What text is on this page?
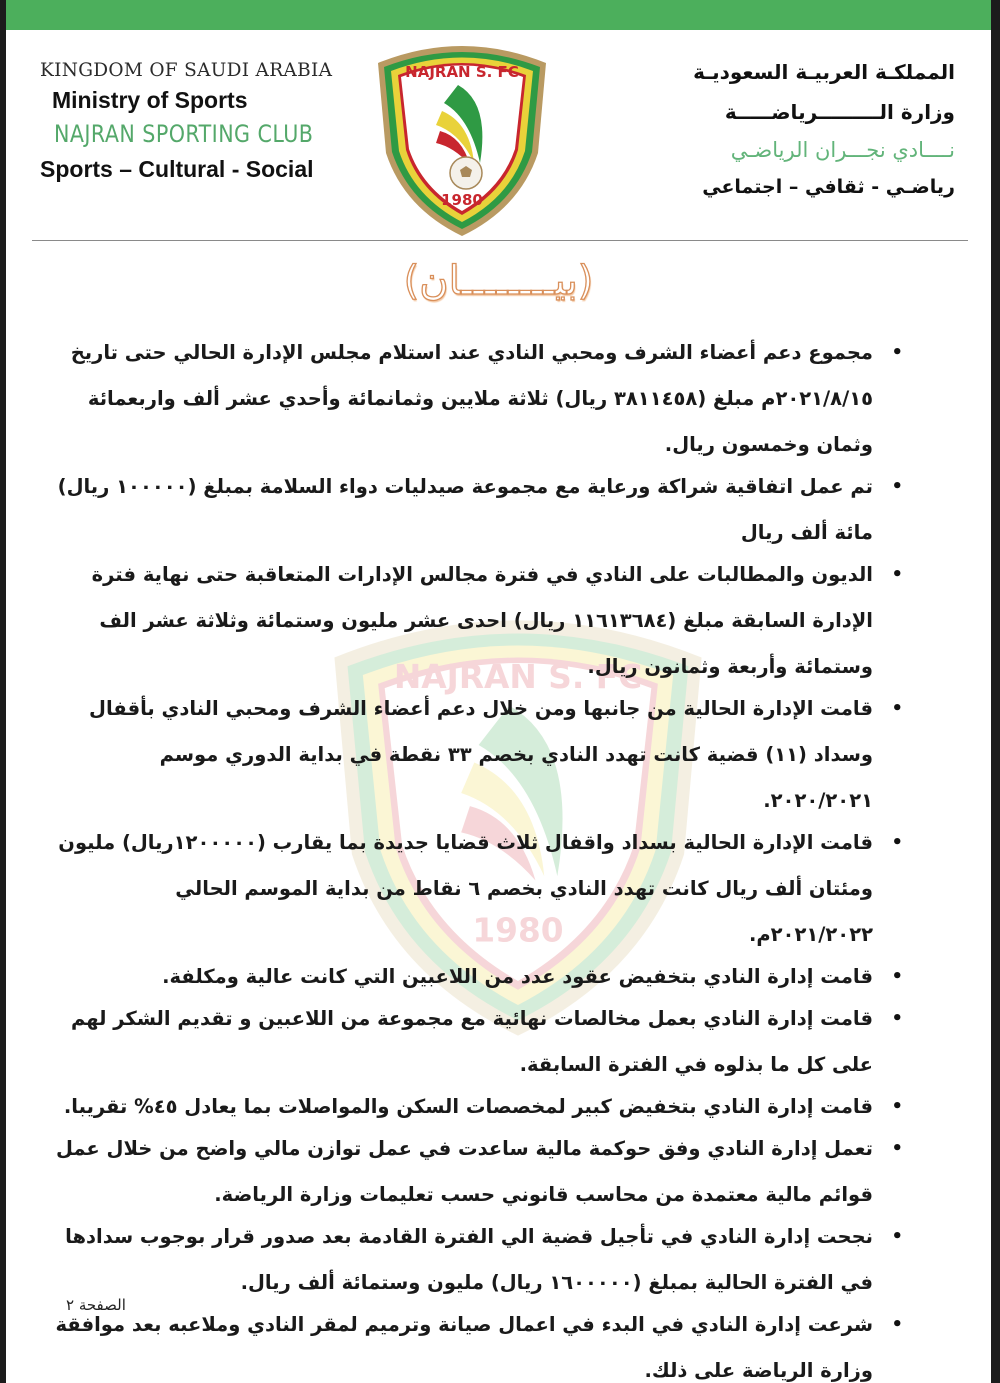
KINGDOM OF SAUDI ARABIA
Ministry of Sports
NAJRAN SPORTING CLUB
Sports – Cultural - Social
NAJRAN S. FC
1980
المملكـة العربيـة السعوديـة
وزارة الـــــــــرياضـــــة
نــــادي نجـــران الرياضـي
رياضـي - ثقافي – اجتماعي
(بيــــــــان)
NAJRAN S. FC
1980
•
مجموع دعم أعضاء الشرف ومحبي النادي عند استلام مجلس الإدارة الحالي حتى تاريخ ٢٠٢١/٨/١٥م مبلغ (٣٨١١٤٥٨ ريال) ثلاثة ملايين وثمانمائة وأحدي عشر ألف واربعمائة وثمان وخمسون ريال.
•
تم عمل اتفاقية شراكة ورعاية مع مجموعة صيدليات دواء السلامة بمبلغ (١٠٠٠٠٠ ريال) مائة ألف ريال
•
الديون والمطالبات على النادي في فترة مجالس الإدارات المتعاقبة حتى نهاية فترة الإدارة السابقة مبلغ (١١٦١٣٦٨٤ ريال) احدى عشر مليون وستمائة وثلاثة عشر الف وستمائة وأربعة وثمانون ريال.
•
قامت الإدارة الحالية من جانبها ومن خلال دعم أعضاء الشرف ومحبي النادي بأقفال وسداد (١١) قضية كانت تهدد النادي بخصم ٣٣ نقطة في بداية الدوري موسم ٢٠٢٠/٢٠٢١.
•
قامت الإدارة الحالية بسداد واقفال ثلاث قضايا جديدة بما يقارب (١٢٠٠٠٠٠ريال) مليون ومئتان ألف ريال كانت تهدد النادي بخصم ٦ نقاط من بداية الموسم الحالي ٢٠٢١/٢٠٢٢م.
•
قامت إدارة النادي بتخفيض عقود عدد من اللاعبين التي كانت عالية ومكلفة.
•
قامت إدارة النادي بعمل مخالصات نهائية مع مجموعة من اللاعبين و تقديم الشكر لهم على كل ما بذلوه في الفترة السابقة.
•
قامت إدارة النادي بتخفيض كبير لمخصصات السكن والمواصلات بما يعادل ٤٥% تقريبا.
•
تعمل إدارة النادي وفق حوكمة مالية ساعدت في عمل توازن مالي واضح من خلال عمل قوائم مالية معتمدة من محاسب قانوني حسب تعليمات وزارة الرياضة.
•
نجحت إدارة النادي في تأجيل قضية الي الفترة القادمة بعد صدور قرار بوجوب سدادها في الفترة الحالية بمبلغ (١٦٠٠٠٠٠ ريال) مليون وستمائة ألف ريال.
•
شرعت إدارة النادي في البدء في اعمال صيانة وترميم لمقر النادي وملاعبه بعد موافقة وزارة الرياضة على ذلك.
الصفحة ٢
